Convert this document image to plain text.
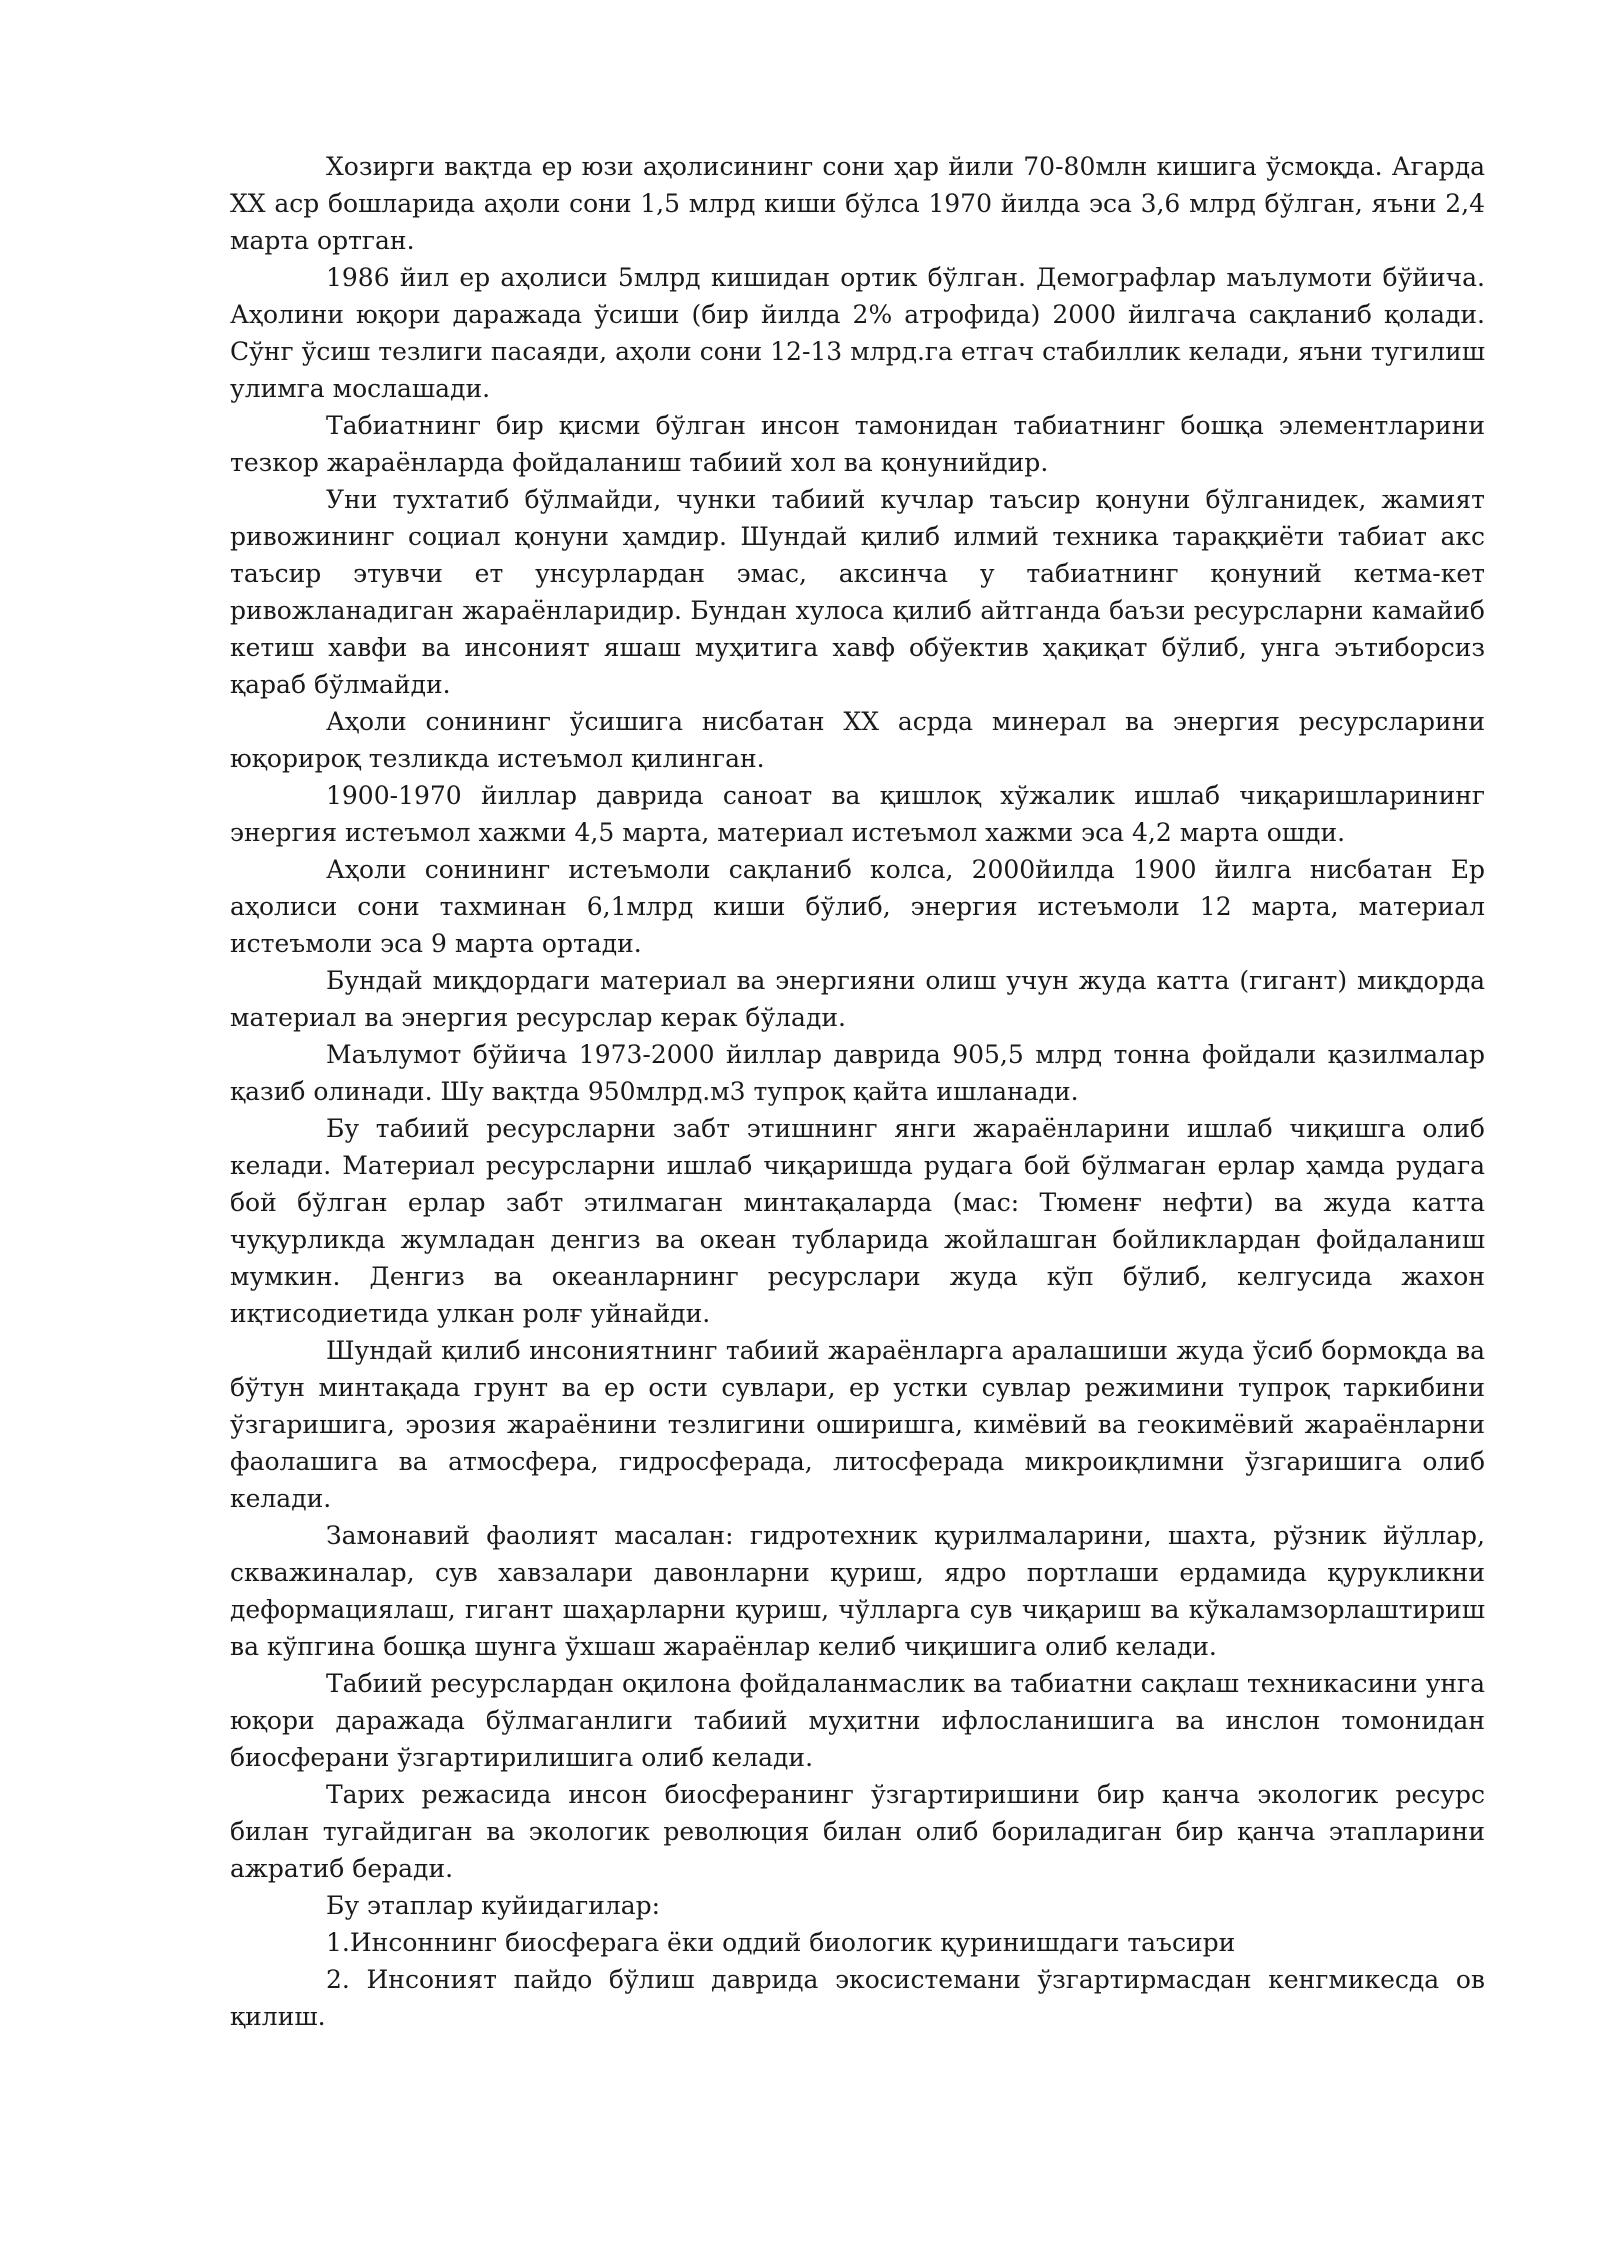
Хозирги вақтда ер юзи аҳолисининг сони ҳар йили 70-80млн кишига ўсмоқда. Агарда XX аср бошларида аҳоли сони 1,5 млрд киши бўлса 1970 йилда эса 3,6 млрд бўлган, яъни 2,4 марта ортган.

1986 йил ер аҳолиси 5млрд кишидан ортик бўлган. Демографлар маълумоти бўйича. Аҳолини юқори даражада ўсиши (бир йилда 2% атрофида) 2000 йилгача сақланиб қолади. Сўнг ўсиш тезлиги пасаяди, аҳоли сони 12-13 млрд.га етгач стабиллик келади, яъни тугилиш улимга мослашади.

Табиатнинг бир қисми бўлган инсон тамонидан табиатнинг бошқа элементларини тезкор жараёнларда фойдаланиш табиий хол ва қонунийдир.

Уни тухтатиб бўлмайди, чунки табиий кучлар таъсир қонуни бўлганидек, жамият ривожининг социал қонуни ҳамдир. Шундай қилиб илмий техника тараққиёти табиат акс таъсир этувчи ет унсурлардан эмас, аксинча у табиатнинг қонуний кетма-кет ривожланадиган жараёнларидир. Бундан хулоса қилиб айтганда баъзи ресурсларни камайиб кетиш хавфи ва инсоният яшаш муҳитига хавф обўектив ҳақиқат бўлиб, унга эътиборсиз қараб бўлмайди.

Аҳоли сонининг ўсишига нисбатан XX асрда минерал ва энергия ресурсларини юқорироқ тезликда истеъмол қилинган.

1900-1970 йиллар даврида саноат ва қишлоқ хўжалик ишлаб чиқаришларининг энергия истеъмол хажми 4,5 марта, материал истеъмол хажми эса 4,2 марта ошди.

Аҳоли сонининг истеъмоли сақланиб колса, 2000йилда 1900 йилга нисбатан Ер аҳолиси сони тахминан 6,1млрд киши бўлиб, энергия истеъмоли 12 марта, материал истеъмоли эса 9 марта ортади.

Бундай миқдордаги материал ва энергияни олиш учун жуда катта (гигант) миқдорда материал ва энергия ресурслар керак бўлади.

Маълумот бўйича 1973-2000 йиллар даврида 905,5 млрд тонна фойдали қазилмалар қазиб олинади. Шу вақтда 950млрд.м3 тупроқ қайта ишланади.

Бу табиий ресурсларни забт этишнинг янги жараёнларини ишлаб чиқишга олиб келади. Материал ресурсларни ишлаб чиқаришда рудага бой бўлмаган ерлар ҳамда рудага бой бўлган ерлар забт этилмаган минтақаларда (мас: Тюменғ нефти) ва жуда катта чуқурликда жумладан денгиз ва океан тубларида жойлашган бойликлардан фойдаланиш мумкин. Денгиз ва океанларнинг ресурслари жуда кўп бўлиб, келгусида жахон иқтисодиетида улкан ролғ уйнайди.

Шундай қилиб инсониятнинг табиий жараёнларга аралашиши жуда ўсиб бормоқда ва бўтун минтақада грунт ва ер ости сувлари, ер устки сувлар режимини тупроқ таркибини ўзгаришига, эрозия жараёнини тезлигини оширишга, кимёвий ва геокимёвий жараёнларни фаолашига ва атмосфера, гидросферада, литосферада микроиқлимни ўзгаришига олиб келади.

Замонавий фаолият масалан: гидротехник қурилмаларини, шахта, рўзник йўллар, скважиналар, сув хавзалари давонларни қуриш, ядро портлаши ердамида қурукликни деформациялаш, гигант шаҳарларни қуриш, чўлларга сув чиқариш ва кўкаламзорлаштириш ва кўпгина бошқа шунга ўхшаш жараёнлар келиб чиқишига олиб келади.

Табиий ресурслардан оқилона фойдаланмаслик ва табиатни сақлаш техникасини унга юқори даражада бўлмаганлиги табиий муҳитни ифлосланишига ва инслон томонидан биосферани ўзгартирилишига олиб келади.

Тарих режасида инсон биосферанинг ўзгартиришини бир қанча экологик ресурс билан тугайдиган ва экологик революция билан олиб бориладиган бир қанча этапларини ажратиб беради.

Бу этаплар куйидагилар:

1.Инсоннинг биосферага ёки оддий биологик қуринишдаги таъсири

2. Инсоният пайдо бўлиш даврида экосистемани ўзгартирмасдан кенгмикесда ов қилиш.
